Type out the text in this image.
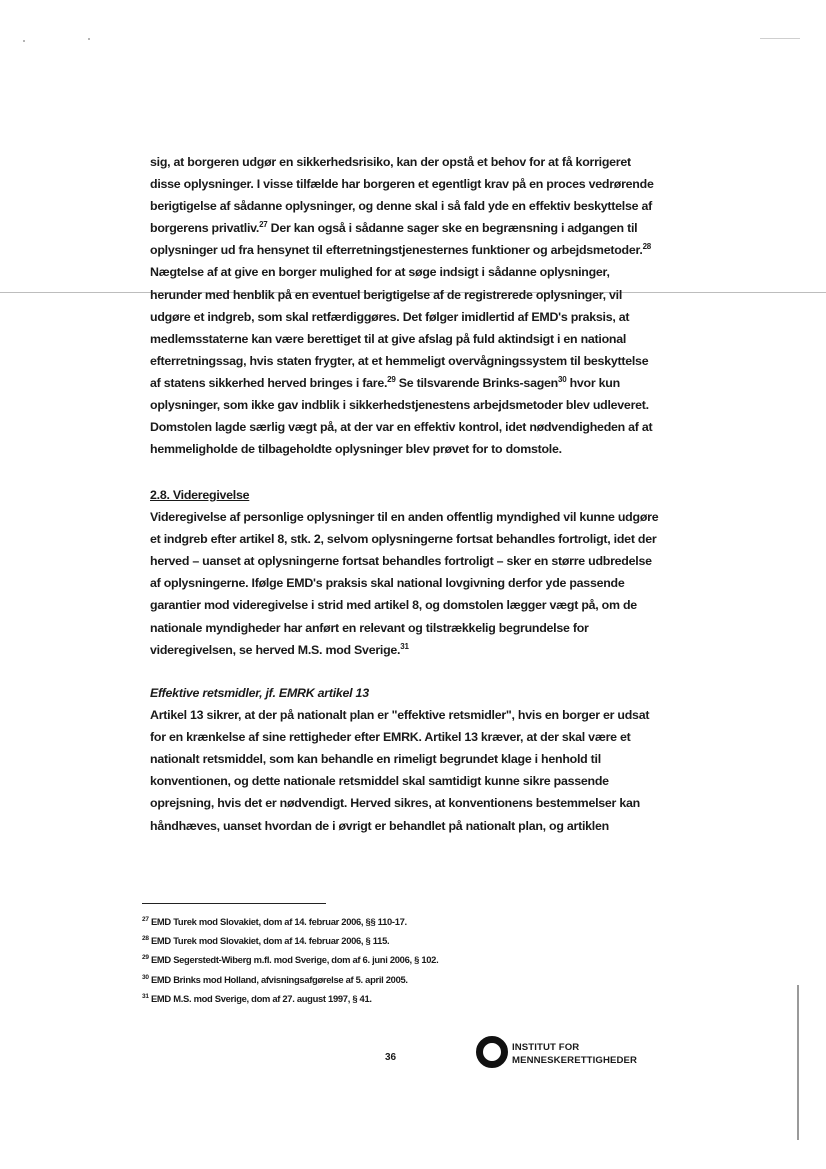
sig, at borgeren udgør en sikkerhedsrisiko, kan der opstå et behov for at få korrigeret
disse oplysninger. I visse tilfælde har borgeren et egentligt krav på en proces vedrørende
berigtigelse af sådanne oplysninger, og denne skal i så fald yde en effektiv beskyttelse af
borgerens privatliv.$^{27}$ Der kan også i sådanne sager ske en begrænsning i adgangen til
oplysninger ud fra hensynet til efterretningstjenesternes funktioner og arbejdsmetoder.$^{28}$
Nægtelse af at give en borger mulighed for at søge indsigt i sådanne oplysninger,
herunder med henblik på en eventuel berigtigelse af de registrerede oplysninger, vil
udgøre et indgreb, som skal retfærdiggøres. Det følger imidlertid af EMD's praksis, at
medlemsstaterne kan være berettiget til at give afslag på fuld aktindsigt i en national
efterretningssag, hvis staten frygter, at et hemmeligt overvågningssystem til beskyttelse
af statens sikkerhed herved bringes i fare.$^{29}$ Se tilsvarende Brinks-sagen$^{30}$ hvor kun
oplysninger, som ikke gav indblik i sikkerhedstjenestens arbejdsmetoder blev udleveret.
Domstolen lagde særlig vægt på, at der var en effektiv kontrol, idet nødvendigheden af at
hemmeligholde de tilbageholdte oplysninger blev prøvet for to domstole.
2.8. Videregivelse
Videregivelse af personlige oplysninger til en anden offentlig myndighed vil kunne udgøre
et indgreb efter artikel 8, stk. 2, selvom oplysningerne fortsat behandles fortroligt, idet der
herved – uanset at oplysningerne fortsat behandles fortroligt – sker en større udbredelse
af oplysningerne. Ifølge EMD's praksis skal national lovgivning derfor yde passende
garantier mod videregivelse i strid med artikel 8, og domstolen lægger vægt på, om de
nationale myndigheder har anført en relevant og tilstrækkelig begrundelse for
videregivelsen, se herved M.S. mod Sverige.$^{31}$
Effektive retsmidler, jf. EMRK artikel 13
Artikel 13 sikrer, at der på nationalt plan er "effektive retsmidler", hvis en borger er udsat
for en krænkelse af sine rettigheder efter EMRK. Artikel 13 kræver, at der skal være et
nationalt retsmiddel, som kan behandle en rimeligt begrundet klage i henhold til
konventionen, og dette nationale retsmiddel skal samtidigt kunne sikre passende
oprejsning, hvis det er nødvendigt. Herved sikres, at konventionens bestemmelser kan
håndhæves, uanset hvordan de i øvrigt er behandlet på nationalt plan, og artiklen
$^{27}$ EMD Turek mod Slovakiet, dom af 14. februar 2006, §§ 110-17.
$^{28}$ EMD Turek mod Slovakiet, dom af 14. februar 2006, § 115.
$^{29}$ EMD Segerstedt-Wiberg m.fl. mod Sverige, dom af 6. juni 2006, § 102.
$^{30}$ EMD Brinks mod Holland, afvisningsafgørelse af 5. april 2005.
$^{31}$ EMD M.S. mod Sverige, dom af 27. august 1997, § 41.
36
INSTITUT FOR
MENNESKERETTIGHEDER
